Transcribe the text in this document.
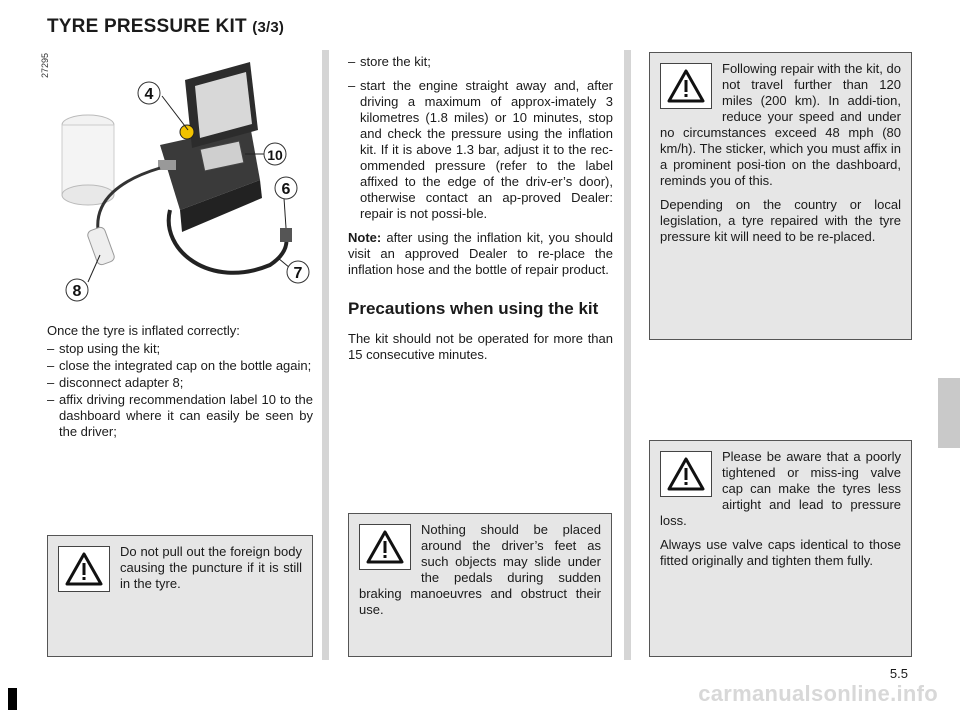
TYRE PRESSURE KIT (3/3)
27295
4
10
6
7
8
Once the tyre is inflated correctly:
– stop using the kit;
– close the integrated cap on the bottle again;
– disconnect adapter 8;
– affix driving recommendation label 10 to the dashboard where it can easily be seen by the driver;
– store the kit;
– start the engine straight away and, after driving a maximum of approx-imately 3 kilometres (1.8 miles) or 10 minutes, stop and check the pressure using the inflation kit. If it is above 1.3 bar, adjust it to the rec-ommended pressure (refer to the label affixed to the edge of the driv-er’s door), otherwise contact an ap-proved Dealer: repair is not possi-ble.
Note: after using the inflation kit, you should visit an approved Dealer to re-place the inflation hose and the bottle of repair product.
Precautions when using the kit
The kit should not be operated for more than 15 consecutive minutes.

Do not pull out the foreign body causing the puncture if it is still in the tyre.

Nothing should be placed around the driver’s feet as such objects may slide under the pedals during sudden braking manoeuvres and obstruct their use.

Following repair with the kit, do not travel further than 120 miles (200 km). In addi-tion, reduce your speed and under no circumstances exceed 48 mph (80 km/h). The sticker, which you must affix in a prominent posi-tion on the dashboard, reminds you of this.

Depending on the country or local legislation, a tyre repaired with the tyre pressure kit will need to be re-placed.

Please be aware that a poorly tightened or miss-ing valve cap can make the tyres less airtight and lead to pressure loss.

Always use valve caps identical to those fitted originally and tighten them fully.

5.5
carmanualsonline.info
